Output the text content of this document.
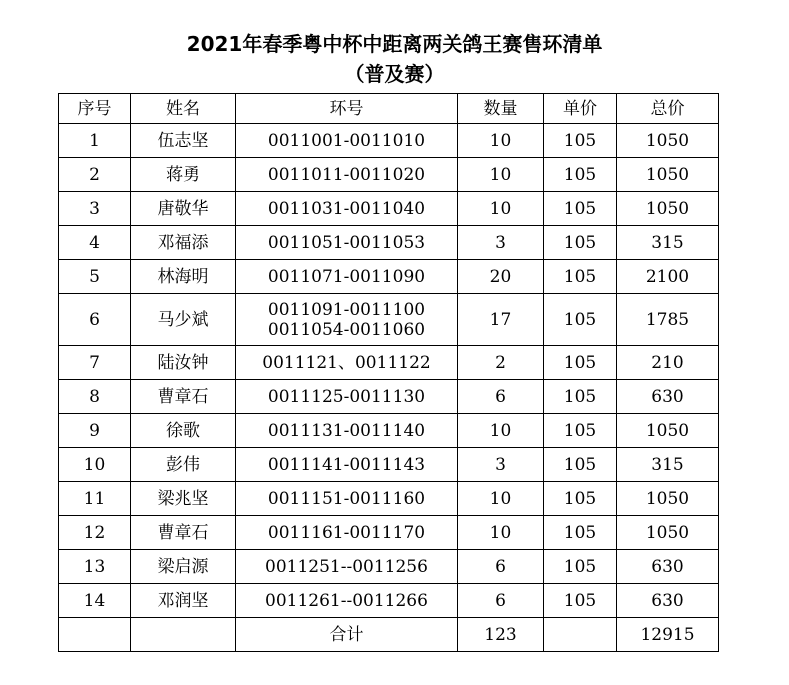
2021年春季粤中杯中距离两关鸽王赛售环清单
（普及赛）
序号	姓名	环号	数量	单价	总价
1	伍志坚	0011001-0011010	10	105	1050
2	蒋勇	0011011-0011020	10	105	1050
3	唐敬华	0011031-0011040	10	105	1050
4	邓福添	0011051-0011053	3	105	315
5	林海明	0011071-0011090	20	105	2100
6	马少斌	0011091-0011100
0011054-0011060	17	105	1785
7	陆汝钟	0011121、0011122	2	105	210
8	曹章石	0011125-0011130	6	105	630
9	徐歌	0011131-0011140	10	105	1050
10	彭伟	0011141-0011143	3	105	315
11	梁兆坚	0011151-0011160	10	105	1050
12	曹章石	0011161-0011170	10	105	1050
13	梁启源	0011251--0011256	6	105	630
14	邓润坚	0011261--0011266	6	105	630
		合计	123		12915
